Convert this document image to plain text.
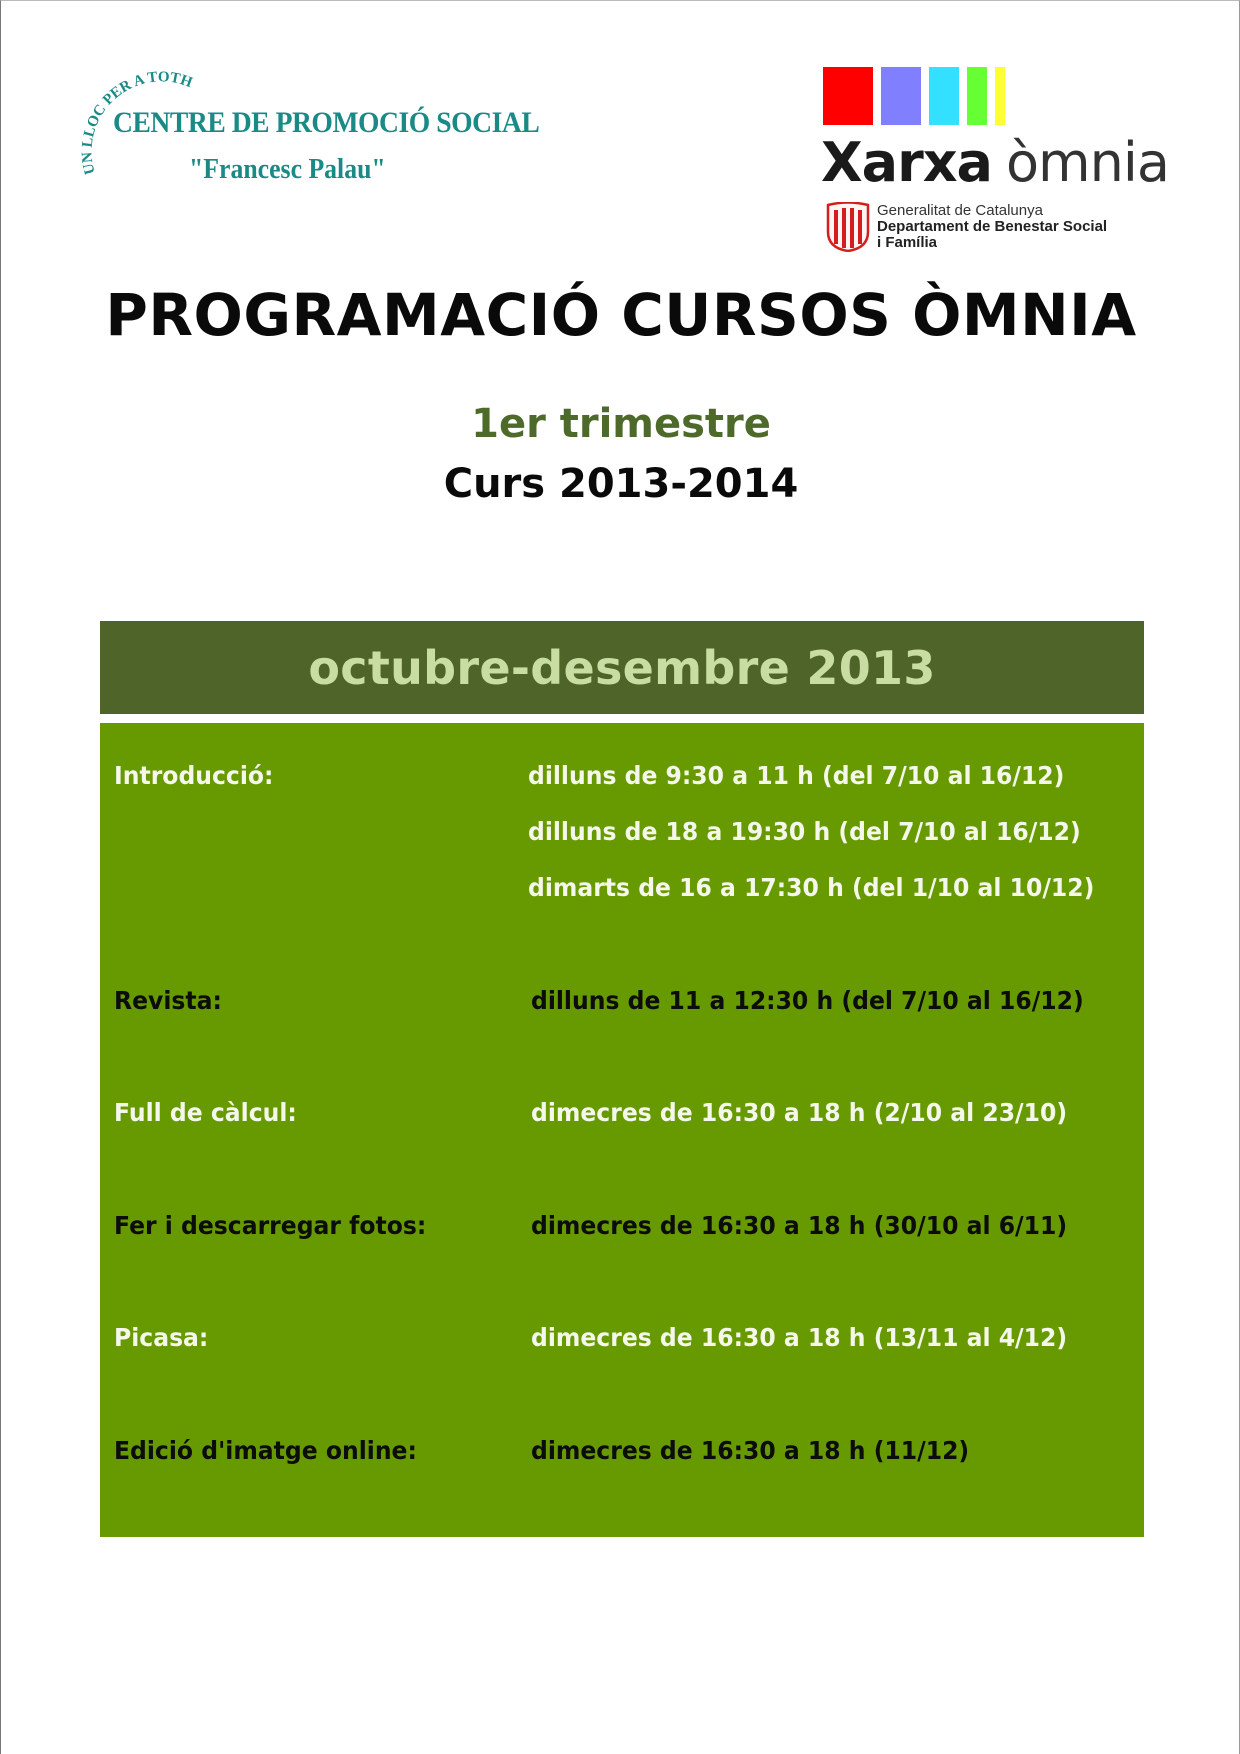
UN LLOC PER A TOTHOM

CENTRE DE PROMOCIÓ SOCIAL

"Francesc Palau"	Xarxa òmnia
Generalitat de Catalunya
Departament de Benestar Social
i Família
PROGRAMACIÓ CURSOS ÒMNIA
1er trimestre
Curs 2013-2014
octubre-desembre 2013

Introducció:	dilluns de 9:30 a 11 h (del 7/10 al 16/12)

dilluns de 18 a 19:30 h (del 7/10 al 16/12)

dimarts de 16 a 17:30 h (del 1/10 al 10/12)

Revista:	dilluns de 11 a 12:30 h (del 7/10 al 16/12)

Full de càlcul:	dimecres de 16:30 a 18 h (2/10 al 23/10)

Fer i descarregar fotos:	dimecres de 16:30 a 18 h (30/10 al 6/11)

Picasa:	dimecres de 16:30 a 18 h (13/11 al 4/12)

Edició d'imatge online:	dimecres de 16:30 a 18 h (11/12)
